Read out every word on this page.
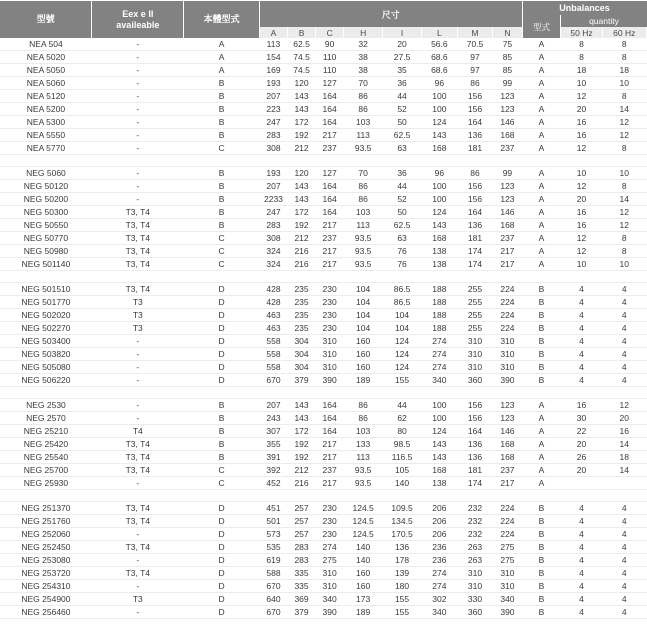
型號	Eex e II
availeable	本體型式	尺寸								Unbalances		
											型式	quantity	
			A	B	C	H	I	L	M	N		50 Hz	60 Hz
NEA 504	-	A	113	62.5	90	32	20	56.6	70.5	75	A	8	8
NEA 5020	-	A	154	74.5	110	38	27.5	68.6	97	85	A	8	8
NEA 5050	-	A	169	74.5	110	38	35	68.6	97	85	A	18	18
NEA 5060	-	B	193	120	127	70	36	96	86	99	A	10	10
NEA 5120	-	B	207	143	164	86	44	100	156	123	A	12	8
NEA 5200	-	B	223	143	164	86	52	100	156	123	A	20	14
NEA 5300	-	B	247	172	164	103	50	124	164	146	A	16	12
NEA 5550	-	B	283	192	217	113	62.5	143	136	168	A	16	12
NEA 5770	-	C	308	212	237	93.5	63	168	181	237	A	12	8

NEG 5060	-	B	193	120	127	70	36	96	86	99	A	10	10
NEG 50120	-	B	207	143	164	86	44	100	156	123	A	12	8
NEG 50200	-	B	2233	143	164	86	52	100	156	123	A	20	14
NEG 50300	T3, T4	B	247	172	164	103	50	124	164	146	A	16	12
NEG 50550	T3, T4	B	283	192	217	113	62.5	143	136	168	A	16	12
NEG 50770	T3, T4	C	308	212	237	93.5	63	168	181	237	A	12	8
NEG 50980	T3, T4	C	324	216	217	93.5	76	138	174	217	A	12	8
NEG 501140	T3, T4	C	324	216	217	93.5	76	138	174	217	A	10	10

NEG 501510	T3, T4	D	428	235	230	104	86.5	188	255	224	B	4	4
NEG 501770	T3	D	428	235	230	104	86.5	188	255	224	B	4	4
NEG 502020	T3	D	463	235	230	104	104	188	255	224	B	4	4
NEG 502270	T3	D	463	235	230	104	104	188	255	224	B	4	4
NEG 503400	-	D	558	304	310	160	124	274	310	310	B	4	4
NEG 503820	-	D	558	304	310	160	124	274	310	310	B	4	4
NEG 505080	-	D	558	304	310	160	124	274	310	310	B	4	4
NEG 506220	-	D	670	379	390	189	155	340	360	390	B	4	4

NEG 2530	-	B	207	143	164	86	44	100	156	123	A	16	12
NEG 2570	-	B	243	143	164	86	62	100	156	123	A	30	20
NEG 25210	T4	B	307	172	164	103	80	124	164	146	A	22	16
NEG 25420	T3, T4	B	355	192	217	133	98.5	143	136	168	A	20	14
NEG 25540	T3, T4	B	391	192	217	113	116.5	143	136	168	A	26	18
NEG 25700	T3, T4	C	392	212	237	93.5	105	168	181	237	A	20	14
NEG 25930	-	C	452	216	217	93.5	140	138	174	217	A		

NEG 251370	T3, T4	D	451	257	230	124.5	109.5	206	232	224	B	4	4
NEG 251760	T3, T4	D	501	257	230	124.5	134.5	206	232	224	B	4	4
NEG 252060	-	D	573	257	230	124.5	170.5	206	232	224	B	4	4
NEG 252450	T3, T4	D	535	283	274	140	136	236	263	275	B	4	4
NEG 253080	-	D	619	283	275	140	178	236	263	275	B	4	4
NEG 253720	T3, T4	D	588	335	310	160	139	274	310	310	B	4	4
NEG 254310	-	D	670	335	310	160	180	274	310	310	B	4	4
NEG 254900	T3	D	640	369	340	173	155	302	330	340	B	4	4
NEG 256460	-	D	670	379	390	189	155	340	360	390	B	4	4
